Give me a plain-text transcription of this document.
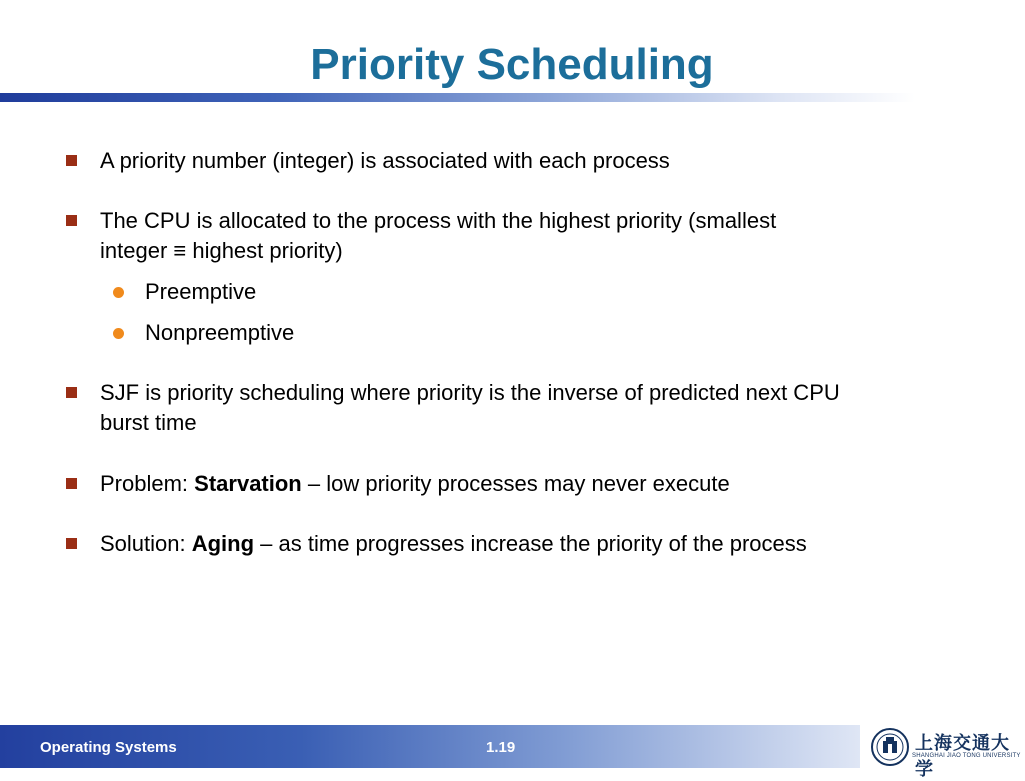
Priority Scheduling
A priority number (integer) is associated with each process
The CPU is allocated to the process with the highest priority (smallest
integer ≡ highest priority)
Preemptive
Nonpreemptive
SJF is priority scheduling where priority is the inverse of predicted next CPU
burst time
Problem: Starvation – low priority processes may never execute
Solution: Aging – as time progresses increase the priority of the process
Operating Systems	1.19	上海交通大学
SHANGHAI JIAO TONG UNIVERSITY
